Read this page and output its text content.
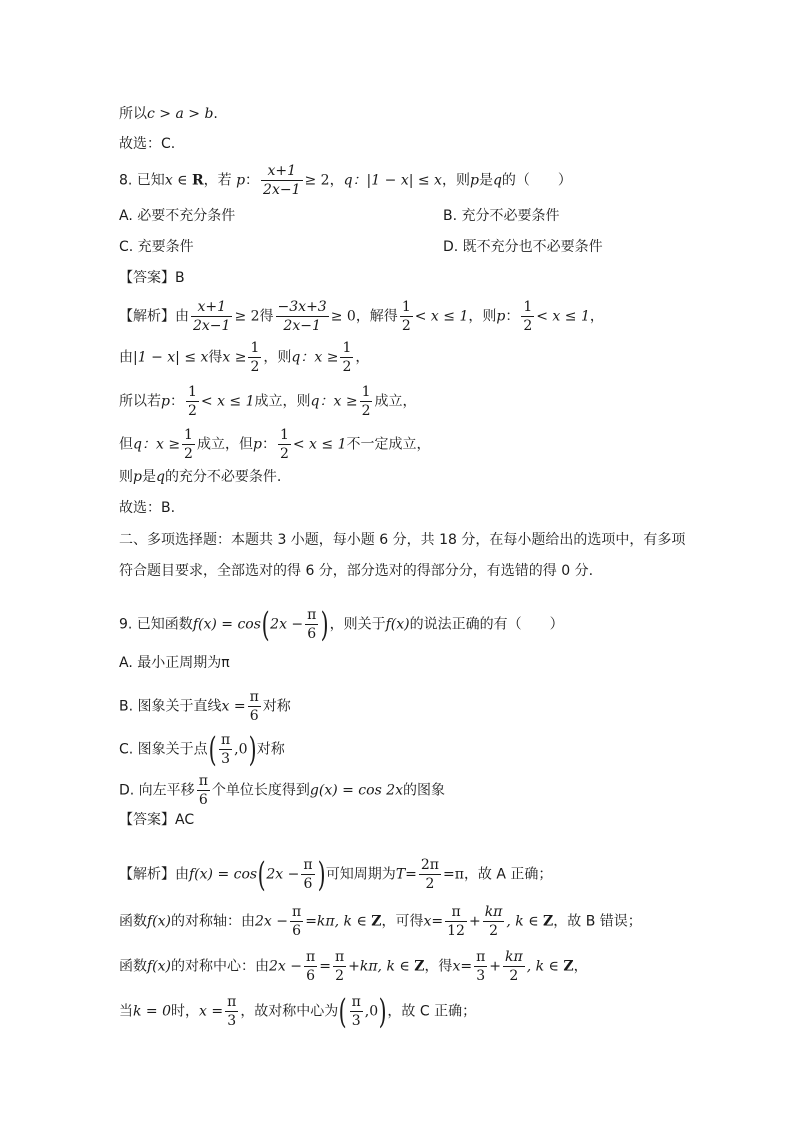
所以c > a > b.
故选：C.
8. 已知x ∈ R，若 p： $\frac{x+1}{2x-1} \ge 2$，q：|1 − x| ≤ x，则p是q的（　　）
A. 必要不充分条件	B. 充分不必要条件
C. 充要条件	D. 既不充分也不必要条件
【答案】B
【解析】由 $\frac{x+1}{2x-1} \ge 2$得 $\frac{-3x+3}{2x-1} \ge 0$，解得 $\frac{1}{2} < x \le 1$，则p： $\frac{1}{2} < x \le 1$，
由|1 − x| ≤ x得$x \ge \frac{1}{2}$ ，则q：$x \ge \frac{1}{2}$ ，
所以若p： $\frac{1}{2} < x \le 1$成立，则q：$x \ge \frac{1}{2}$ 成立，
但q：$x \ge \frac{1}{2}$ 成立，但p： $\frac{1}{2} < x \le 1$不一定成立，
则p是q的充分不必要条件.
故选：B.
二、多项选择题：本题共 3 小题，每小题 6 分，共 18 分，在每小题给出的选项中，有多项
符合题目要求，全部选对的得 6 分，部分选对的得部分分，有选错的得 0 分.
9. 已知函数$f(x) = \cos(2x - \frac{\pi}{6}$ )，则关于f(x)的说法正确的有（　　）
A. 最小正周期为π
B. 图象关于直线$x = \frac{\pi}{6}$ 对称
C. 图象关于点( $\frac{\pi}{3} ,0$)对称
D. 向左平移 $\frac{\pi}{6}$ 个单位长度得到g(x) = cos 2x的图象
【答案】AC
【解析】由$f(x) = \cos(2x - \frac{\pi}{6}$ )可知周期为$T= \frac{2\pi}{2} =\pi$，故 A 正确；
函数f(x)的对称轴：由$2x - \frac{\pi}{6} =k\pi$, k ∈ Z，可得$x= \frac{\pi}{12} + \frac{k\pi}{2}$ , k ∈ Z，故 B 错误；
函数f(x)的对称中心：由$2x - \frac{\pi}{6} = \frac{\pi}{2} +k\pi$, k ∈ Z，得$x= \frac{\pi}{3} + \frac{k\pi}{2}$ , k ∈ Z，
当k = 0时，$x = \frac{\pi}{3}$ ，故对称中心为( $\frac{\pi}{3} ,0$)，故 C 正确；
